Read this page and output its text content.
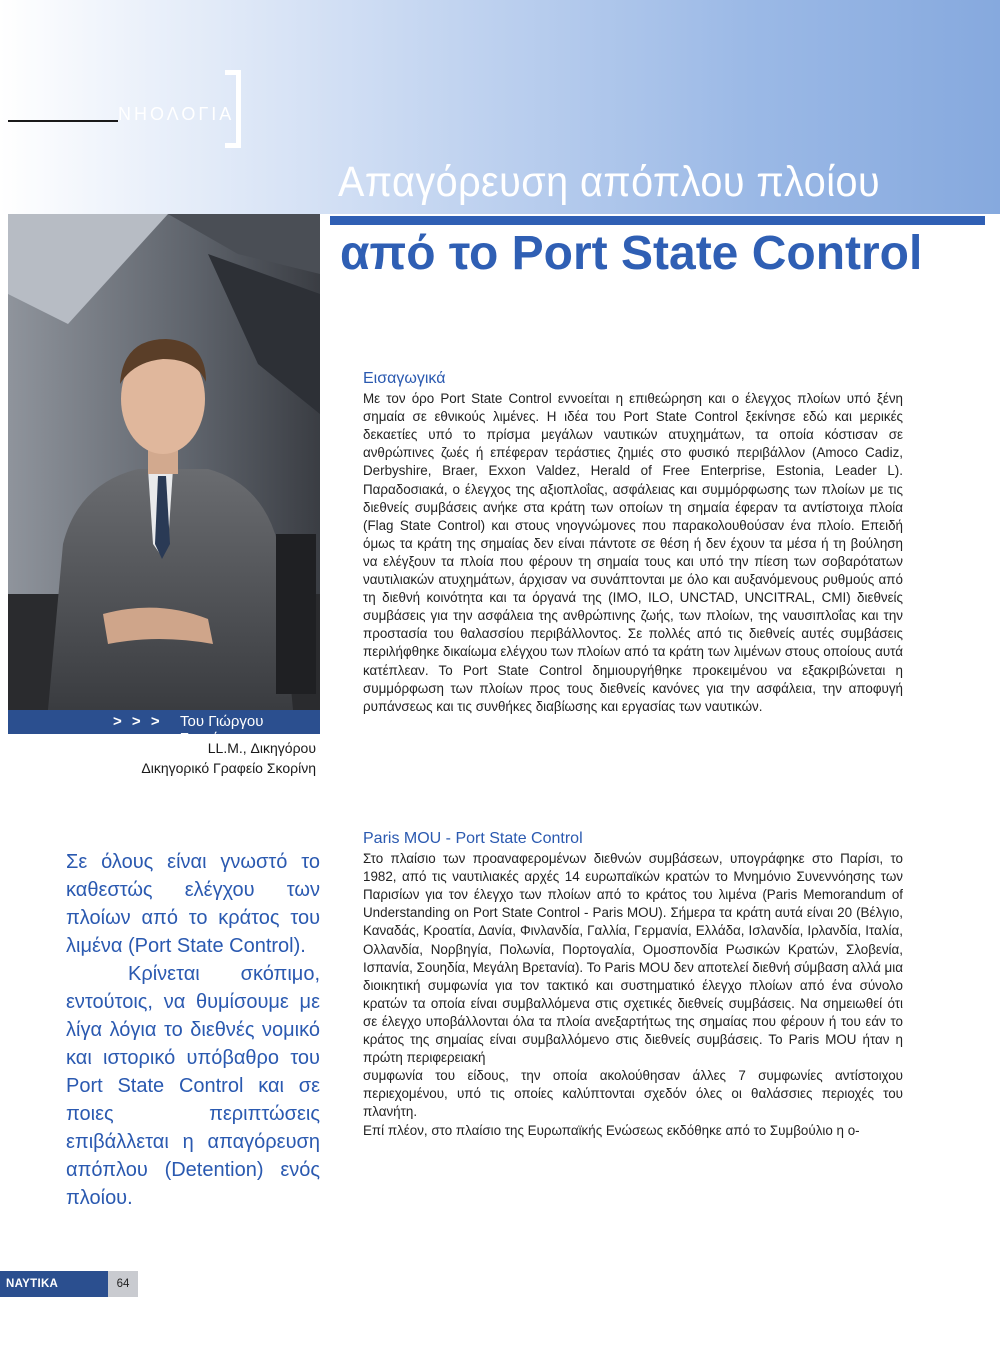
ΝΗΟΛΟΓΙΑ
Απαγόρευση απόπλου πλοίου
από το Port State Control
> > > Του Γιώργου Σκορίνη
LL.M., Δικηγόρου
Δικηγορικό Γραφείο Σκορίνη

Σε όλους είναι γνωστό το καθεστώς ελέγχου των πλοίων από το κράτος του λιμένα (Port State Control).

Κρίνεται σκόπιμο, εντούτοις, να θυμίσουμε με λίγα λόγια το διεθνές νομικό και ιστορικό υπόβαθρο του Port State Control και σε ποιες περιπτώσεις επιβάλλεται η απαγόρευση απόπλου (Detention) ενός πλοίου.

Εισαγωγικά

Με τον όρο Port State Control εννοείται η επιθεώρηση και ο έλεγχος πλοίων υπό ξένη σημαία σε εθνικούς λιμένες. Η ιδέα του Port State Control ξεκίνησε εδώ και μερικές δεκαετίες υπό το πρίσμα μεγάλων ναυτικών ατυχημάτων, τα οποία κόστισαν σε ανθρώπινες ζωές ή επέφεραν τεράστιες ζημιές στο φυσικό περιβάλλον (Amoco Cadiz, Derbyshire, Braer, Exxon Valdez, Herald of Free Enterprise, Estonia, Leader L). Παραδοσιακά, ο έλεγχος της αξιοπλοΐας, ασφάλειας και συμμόρφωσης των πλοίων με τις διεθνείς συμβάσεις ανήκε στα κράτη των οποίων τη σημαία έφεραν τα αντίστοιχα πλοία (Flag State Control) και στους νηογνώμονες που παρακολουθούσαν ένα πλοίο. Επειδή όμως τα κράτη της σημαίας δεν είναι πάντοτε σε θέση ή δεν έχουν τα μέσα ή τη βούληση να ελέγξουν τα πλοία που φέρουν τη σημαία τους και υπό την πίεση των σοβαρότατων ναυτιλιακών ατυχημάτων, άρχισαν να συνάπτονται με όλο και αυξανόμενους ρυθμούς από τη διεθνή κοινότητα και τα όργανά της (IMO, ILO, UNCTAD, UNCITRAL, CMI) διεθνείς συμβάσεις για την ασφάλεια της ανθρώπινης ζωής, των πλοίων, της ναυσιπλοΐας και την προστασία του θαλασσίου περιβάλλοντος. Σε πολλές από τις διεθνείς αυτές συμβάσεις περιλήφθηκε δικαίωμα ελέγχου των πλοίων από τα κράτη των λιμένων στους οποίους αυτά κατέπλεαν. Το Port State Control δημιουργήθηκε προκειμένου να εξακριβώνεται η συμμόρφωση των πλοίων προς τους διεθνείς κανόνες για την ασφάλεια, την αποφυγή ρυπάνσεως και τις συνθήκες διαβίωσης και εργασίας των ναυτικών.

Paris MOU - Port State Control

Στο πλαίσιο των προαναφερομένων διεθνών συμβάσεων, υπογράφηκε στο Παρίσι, το 1982, από τις ναυτιλιακές αρχές 14 ευρωπαϊκών κρατών το Μνημόνιο Συνεννόησης των Παρισίων για τον έλεγχο των πλοίων από το κράτος του λιμένα (Paris Memorandum of Understanding on Port State Control - Paris MOU). Σήμερα τα κράτη αυτά είναι 20 (Βέλγιο, Καναδάς, Κροατία, Δανία, Φινλανδία, Γαλλία, Γερμανία, Ελλάδα, Ισλανδία, Ιρλανδία, Ιταλία, Ολλανδία, Νορβηγία, Πολωνία, Πορτογαλία, Ομοσπονδία Ρωσικών Κρατών, Σλοβενία, Ισπανία, Σουηδία, Μεγάλη Βρετανία). Το Paris MOU δεν αποτελεί διεθνή σύμβαση αλλά μια διοικητική συμφωνία για τον τακτικό και συστηματικό έλεγχο πλοίων από ένα σύνολο κρατών τα οποία είναι συμβαλλόμενα στις σχετικές διεθνείς συμβάσεις. Να σημειωθεί ότι σε έλεγχο υποβάλλονται όλα τα πλοία ανεξαρτήτως της σημαίας που φέρουν ή του εάν το κράτος της σημαίας είναι συμβαλλόμενο στις διεθνείς συμβάσεις. Το Paris MOU ήταν η πρώτη περιφερειακή

συμφωνία του είδους, την οποία ακολούθησαν άλλες 7 συμφωνίες αντίστοιχου περιεχομένου, υπό τις οποίες καλύπτονται σχεδόν όλες οι θαλάσσιες περιοχές του πλανήτη.

Επί πλέον, στο πλαίσιο της Ευρωπαϊκής Ενώσεως εκδόθηκε από το Συμβούλιο η ο-

ΝΑΥΤΙΚΑ ΧΡΟΝΙΚΑ
64
